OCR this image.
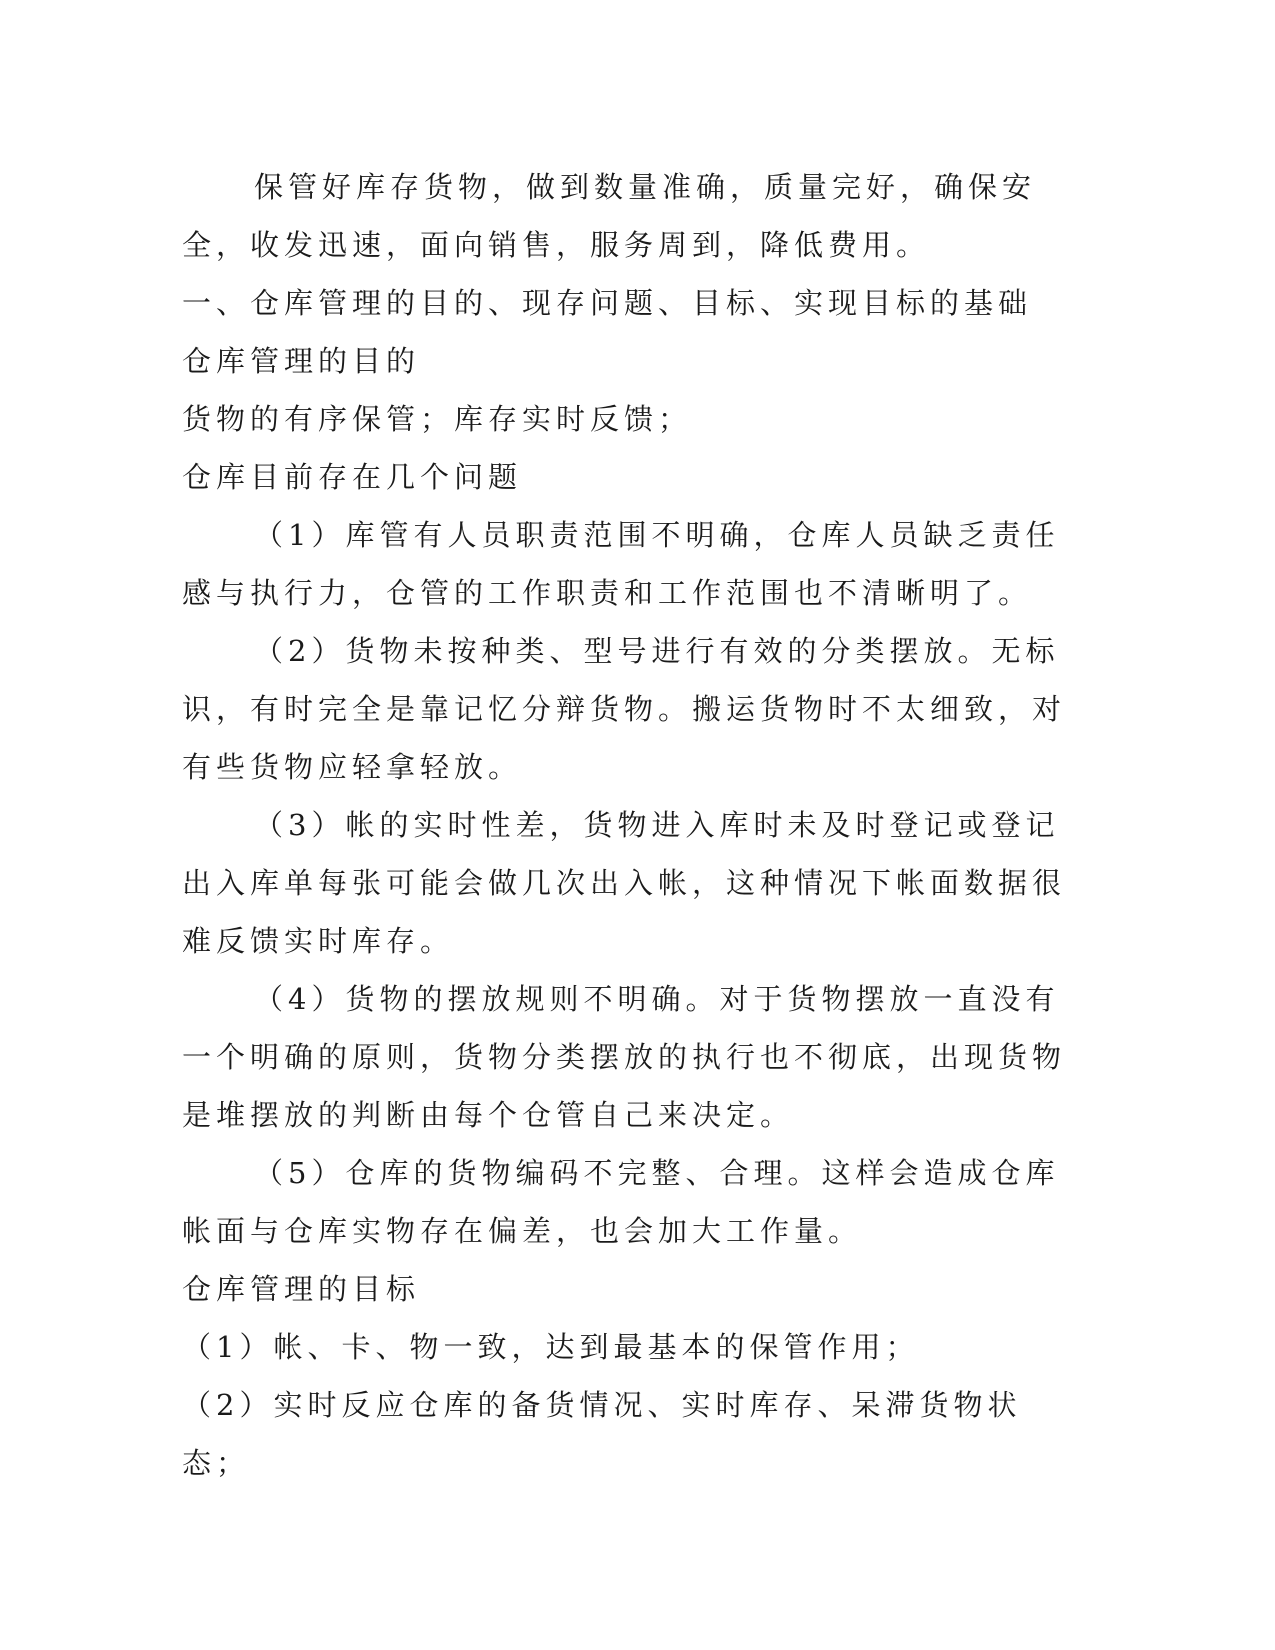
保管好库存货物，做到数量准确，质量完好，确保安全，收发迅速，面向销售，服务周到，降低费用。

一、仓库管理的目的、现存问题、目标、实现目标的基础

仓库管理的目的

货物的有序保管；库存实时反馈；

仓库目前存在几个问题

（1）库管有人员职责范围不明确，仓库人员缺乏责任感与执行力，仓管的工作职责和工作范围也不清晰明了。

（2）货物未按种类、型号进行有效的分类摆放。无标识，有时完全是靠记忆分辩货物。搬运货物时不太细致，对有些货物应轻拿轻放。

（3）帐的实时性差，货物进入库时未及时登记或登记出入库单每张可能会做几次出入帐，这种情况下帐面数据很难反馈实时库存。

（4）货物的摆放规则不明确。对于货物摆放一直没有一个明确的原则，货物分类摆放的执行也不彻底，出现货物是堆摆放的判断由每个仓管自己来决定。

（5）仓库的货物编码不完整、合理。这样会造成仓库帐面与仓库实物存在偏差，也会加大工作量。

仓库管理的目标

（1）帐、卡、物一致，达到最基本的保管作用；

（2）实时反应仓库的备货情况、实时库存、呆滞货物状态；
